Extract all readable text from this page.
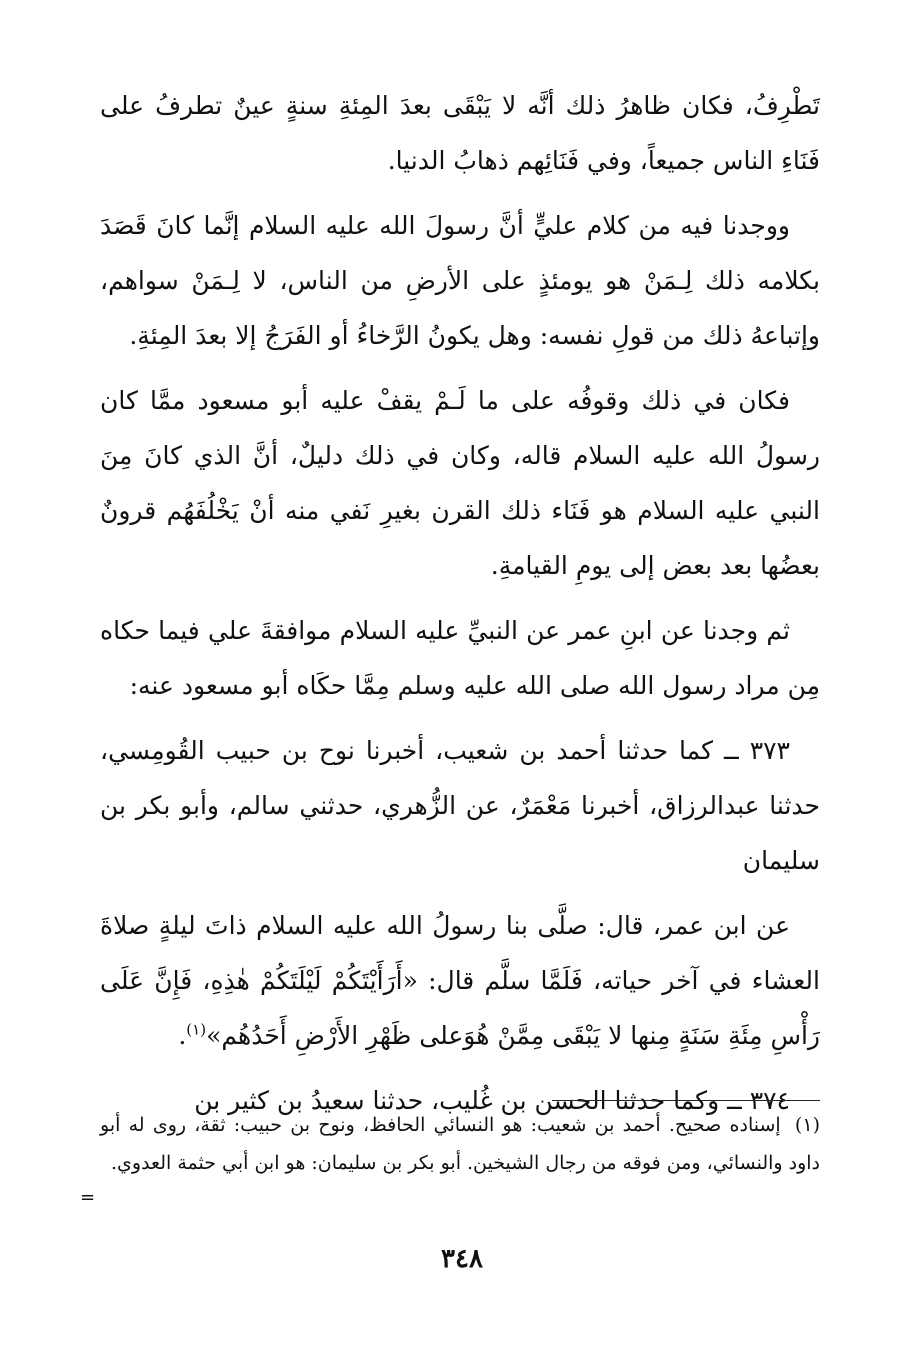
تَطْرِفُ، فكان ظاهرُ ذلك أنَّه لا يَبْقَى بعدَ المِئةِ سنةٍ عينٌ تطرفُ على فَنَاءِ الناس جميعاً، وفي فَنَائِهم ذهابُ الدنيا.

ووجدنا فيه من كلام عليٍّ أنَّ رسولَ الله عليه السلام إنَّما كانَ قَصَدَ بكلامه ذلك لِـمَنْ هو يومئذٍ على الأرضِ من الناس، لا لِـمَنْ سواهم، وإتباعهُ ذلك من قولِ نفسه: وهل يكونُ الرَّخاءُ أو الفَرَجُ إلا بعدَ المِئةِ.

فكان في ذلك وقوفُه على ما لَـمْ يقفْ عليه أبو مسعود ممَّا كان رسولُ الله عليه السلام قاله، وكان في ذلك دليلٌ، أنَّ الذي كانَ مِنَ النبي عليه السلام هو فَنَاء ذلك القرن بغيرِ نَفي منه أنْ يَخْلُفَهُم قرونٌ بعضُها بعد بعض إلى يومِ القيامةِ.

ثم وجدنا عن ابنِ عمر عن النبيِّ عليه السلام موافقةَ علي فيما حكاه مِن مراد رسول الله صلى الله عليه وسلم مِمَّا حكَاه أبو مسعود عنه:

٣٧٣ ــ كما حدثنا أحمد بن شعيب، أخبرنا نوح بن حبيب القُومِسي، حدثنا عبدالرزاق، أخبرنا مَعْمَرٌ، عن الزُّهري، حدثني سالم، وأبو بكر بن سليمان

عن ابن عمر، قال: صلَّى بنا رسولُ الله عليه السلام ذاتَ ليلةٍ صلاةَ العشاء في آخر حياته، فَلَمَّا سلَّم قال: «أَرَأَيْتَكُمْ لَيْلَتَكُمْ هٰذِهِ، فَإِنَّ عَلَى رَأْسِ مِئَةِ سَنَةٍ مِنها لا يَبْقَى مِمَّنْ هُوَعلى ظَهْرِ الأَرْضِ أَحَدُهُم»$^{(١)}$.

٣٧٤ ــ وكما حدثنا الحسن بن غُليب، حدثنا سعيدُ بن كثير بن

(١) إسناده صحيح. أحمد بن شعيب: هو النسائي الحافظ، ونوح بن حبيب: ثقة، روى له أبو داود والنسائي، ومن فوقه من رجال الشيخين. أبو بكر بن سليمان: هو ابن أبي حثمة العدوي.
=
٣٤٨
